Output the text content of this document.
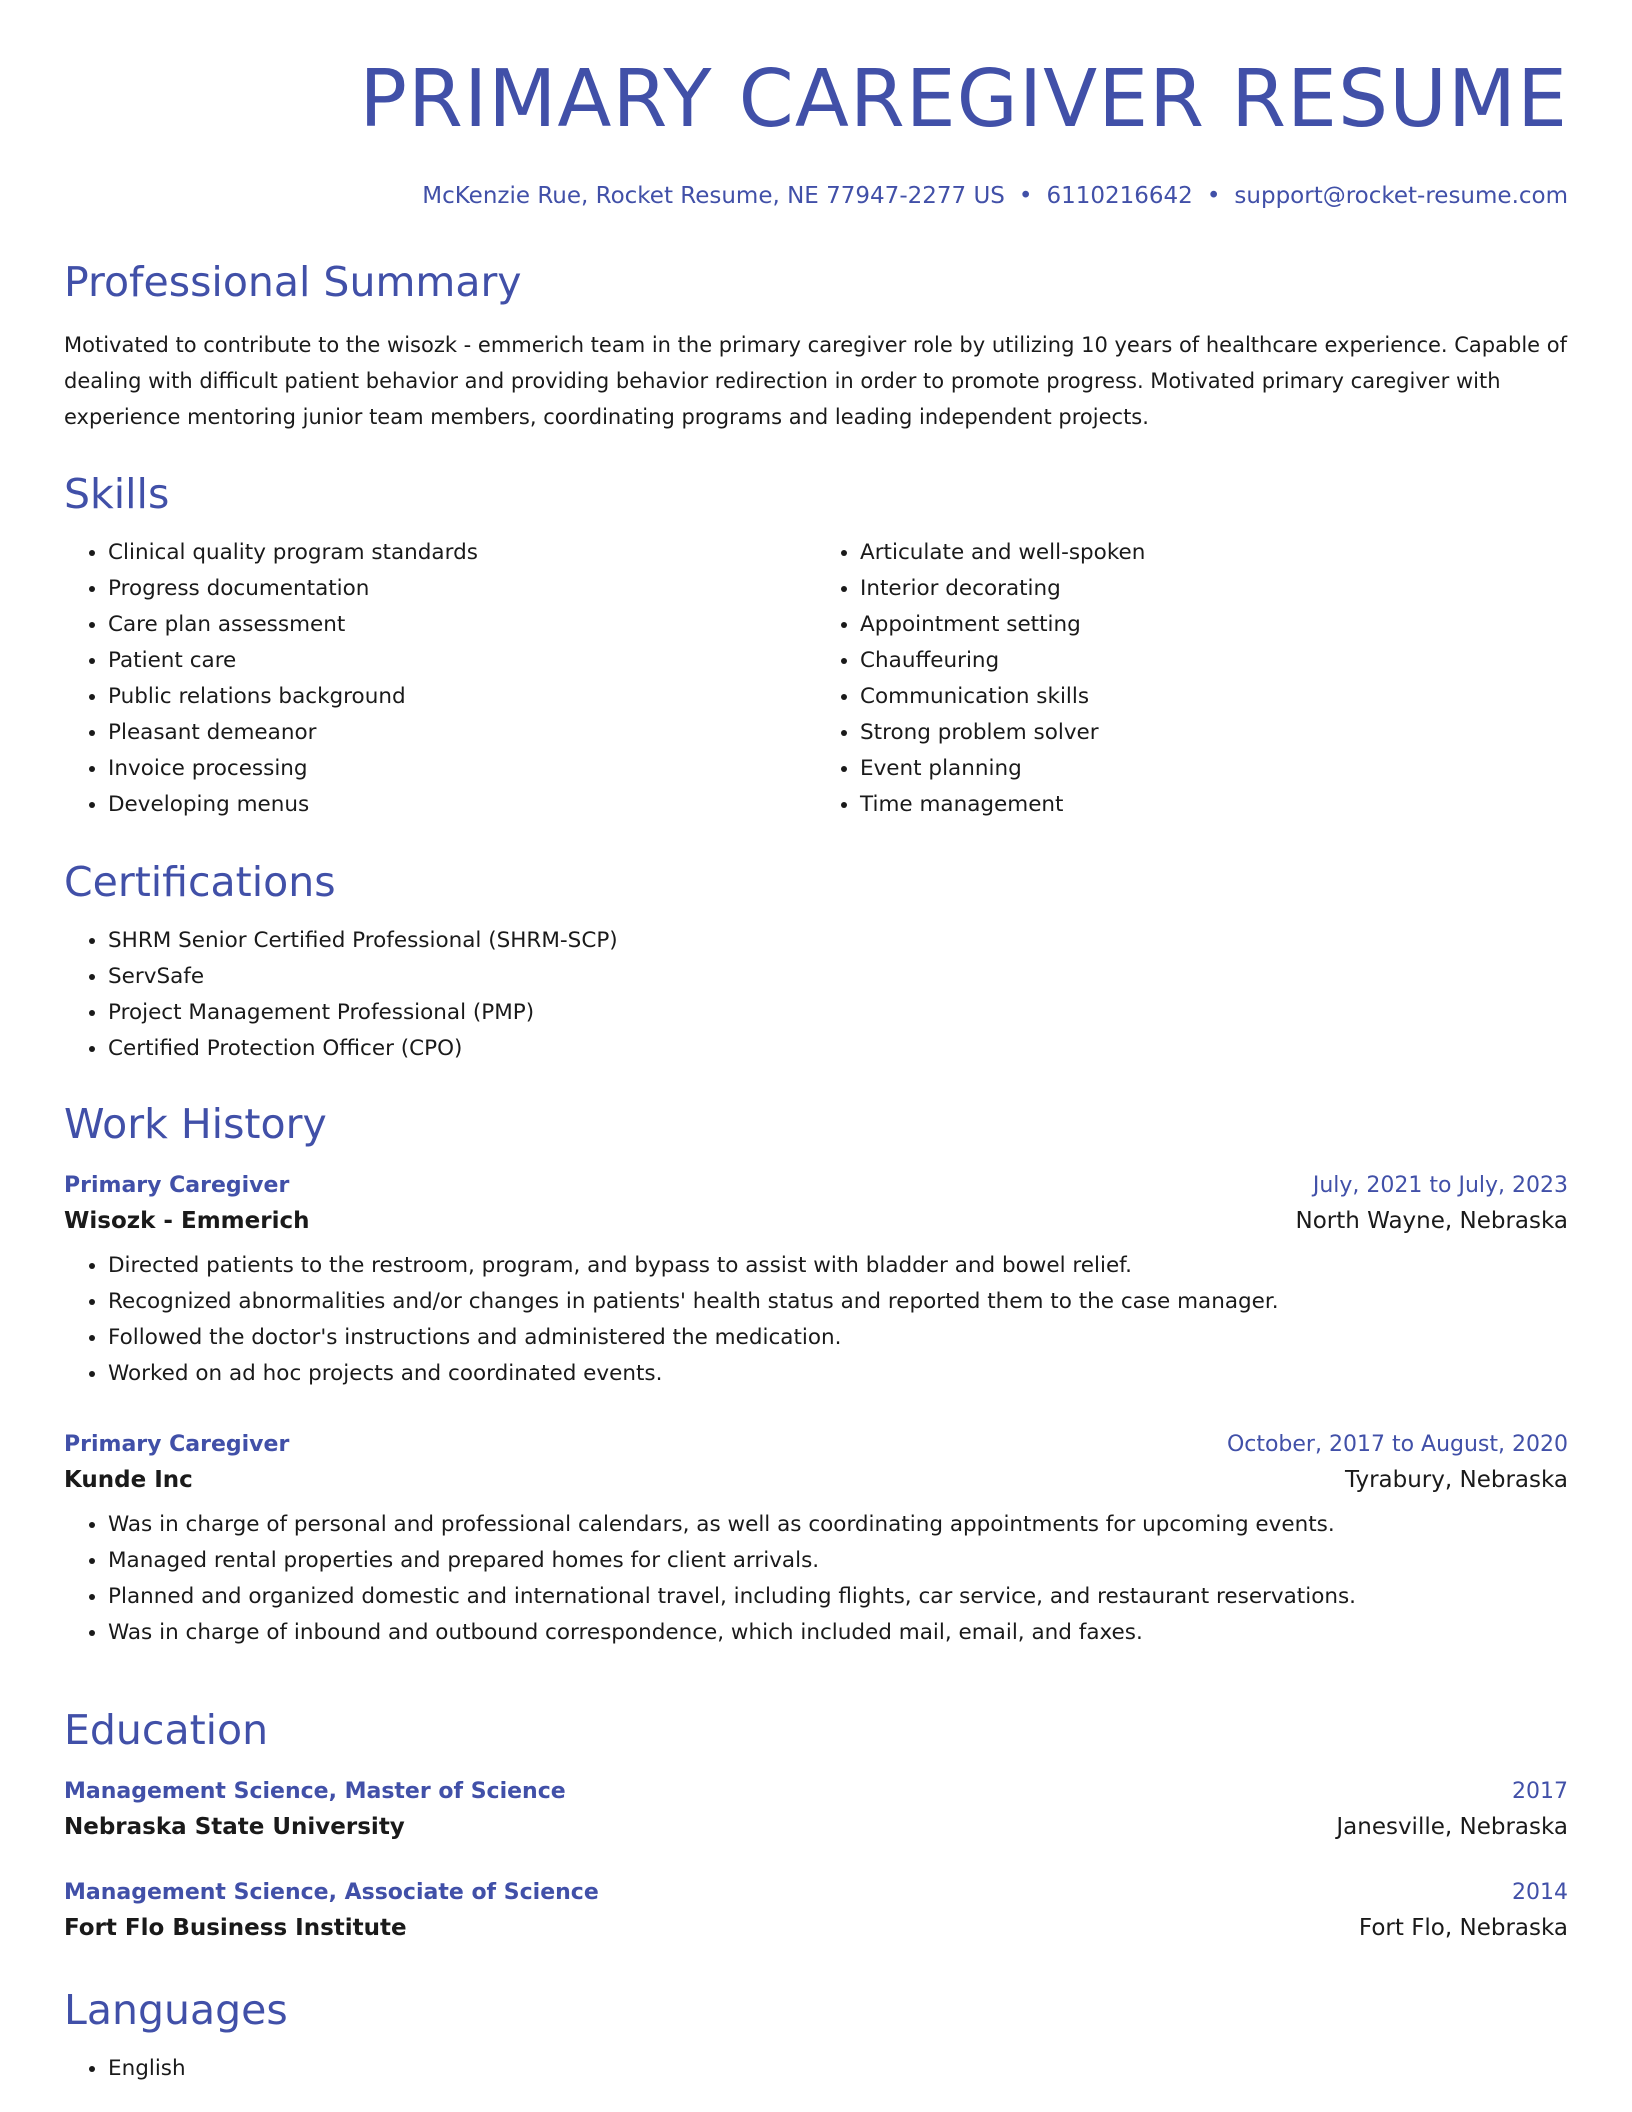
PRIMARY CAREGIVER RESUME
McKenzie Rue, Rocket Resume, NE 77947-2277 US • 6110216642 • support@rocket-resume.com
Professional Summary

Motivated to contribute to the wisozk - emmerich team in the primary caregiver role by utilizing 10 years of healthcare experience. Capable of dealing with difficult patient behavior and providing behavior redirection in order to promote progress. Motivated primary caregiver with experience mentoring junior team members, coordinating programs and leading independent projects.

Skills
• Clinical quality program standards
• Progress documentation
• Care plan assessment
• Patient care
• Public relations background
• Pleasant demeanor
• Invoice processing
• Developing menus
• Articulate and well-spoken
• Interior decorating
• Appointment setting
• Chauffeuring
• Communication skills
• Strong problem solver
• Event planning
• Time management
Certifications
• SHRM Senior Certified Professional (SHRM-SCP)
• ServSafe
• Project Management Professional (PMP)
• Certified Protection Officer (CPO)
Work History
Primary Caregiver	July, 2021 to July, 2023
Wisozk - Emmerich	North Wayne, Nebraska
• Directed patients to the restroom, program, and bypass to assist with bladder and bowel relief.
• Recognized abnormalities and/or changes in patients' health status and reported them to the case manager.
• Followed the doctor's instructions and administered the medication.
• Worked on ad hoc projects and coordinated events.
Primary Caregiver	October, 2017 to August, 2020
Kunde Inc	Tyrabury, Nebraska
• Was in charge of personal and professional calendars, as well as coordinating appointments for upcoming events.
• Managed rental properties and prepared homes for client arrivals.
• Planned and organized domestic and international travel, including flights, car service, and restaurant reservations.
• Was in charge of inbound and outbound correspondence, which included mail, email, and faxes.
Education
Management Science, Master of Science	2017
Nebraska State University	Janesville, Nebraska
Management Science, Associate of Science	2014
Fort Flo Business Institute	Fort Flo, Nebraska
Languages
• English
